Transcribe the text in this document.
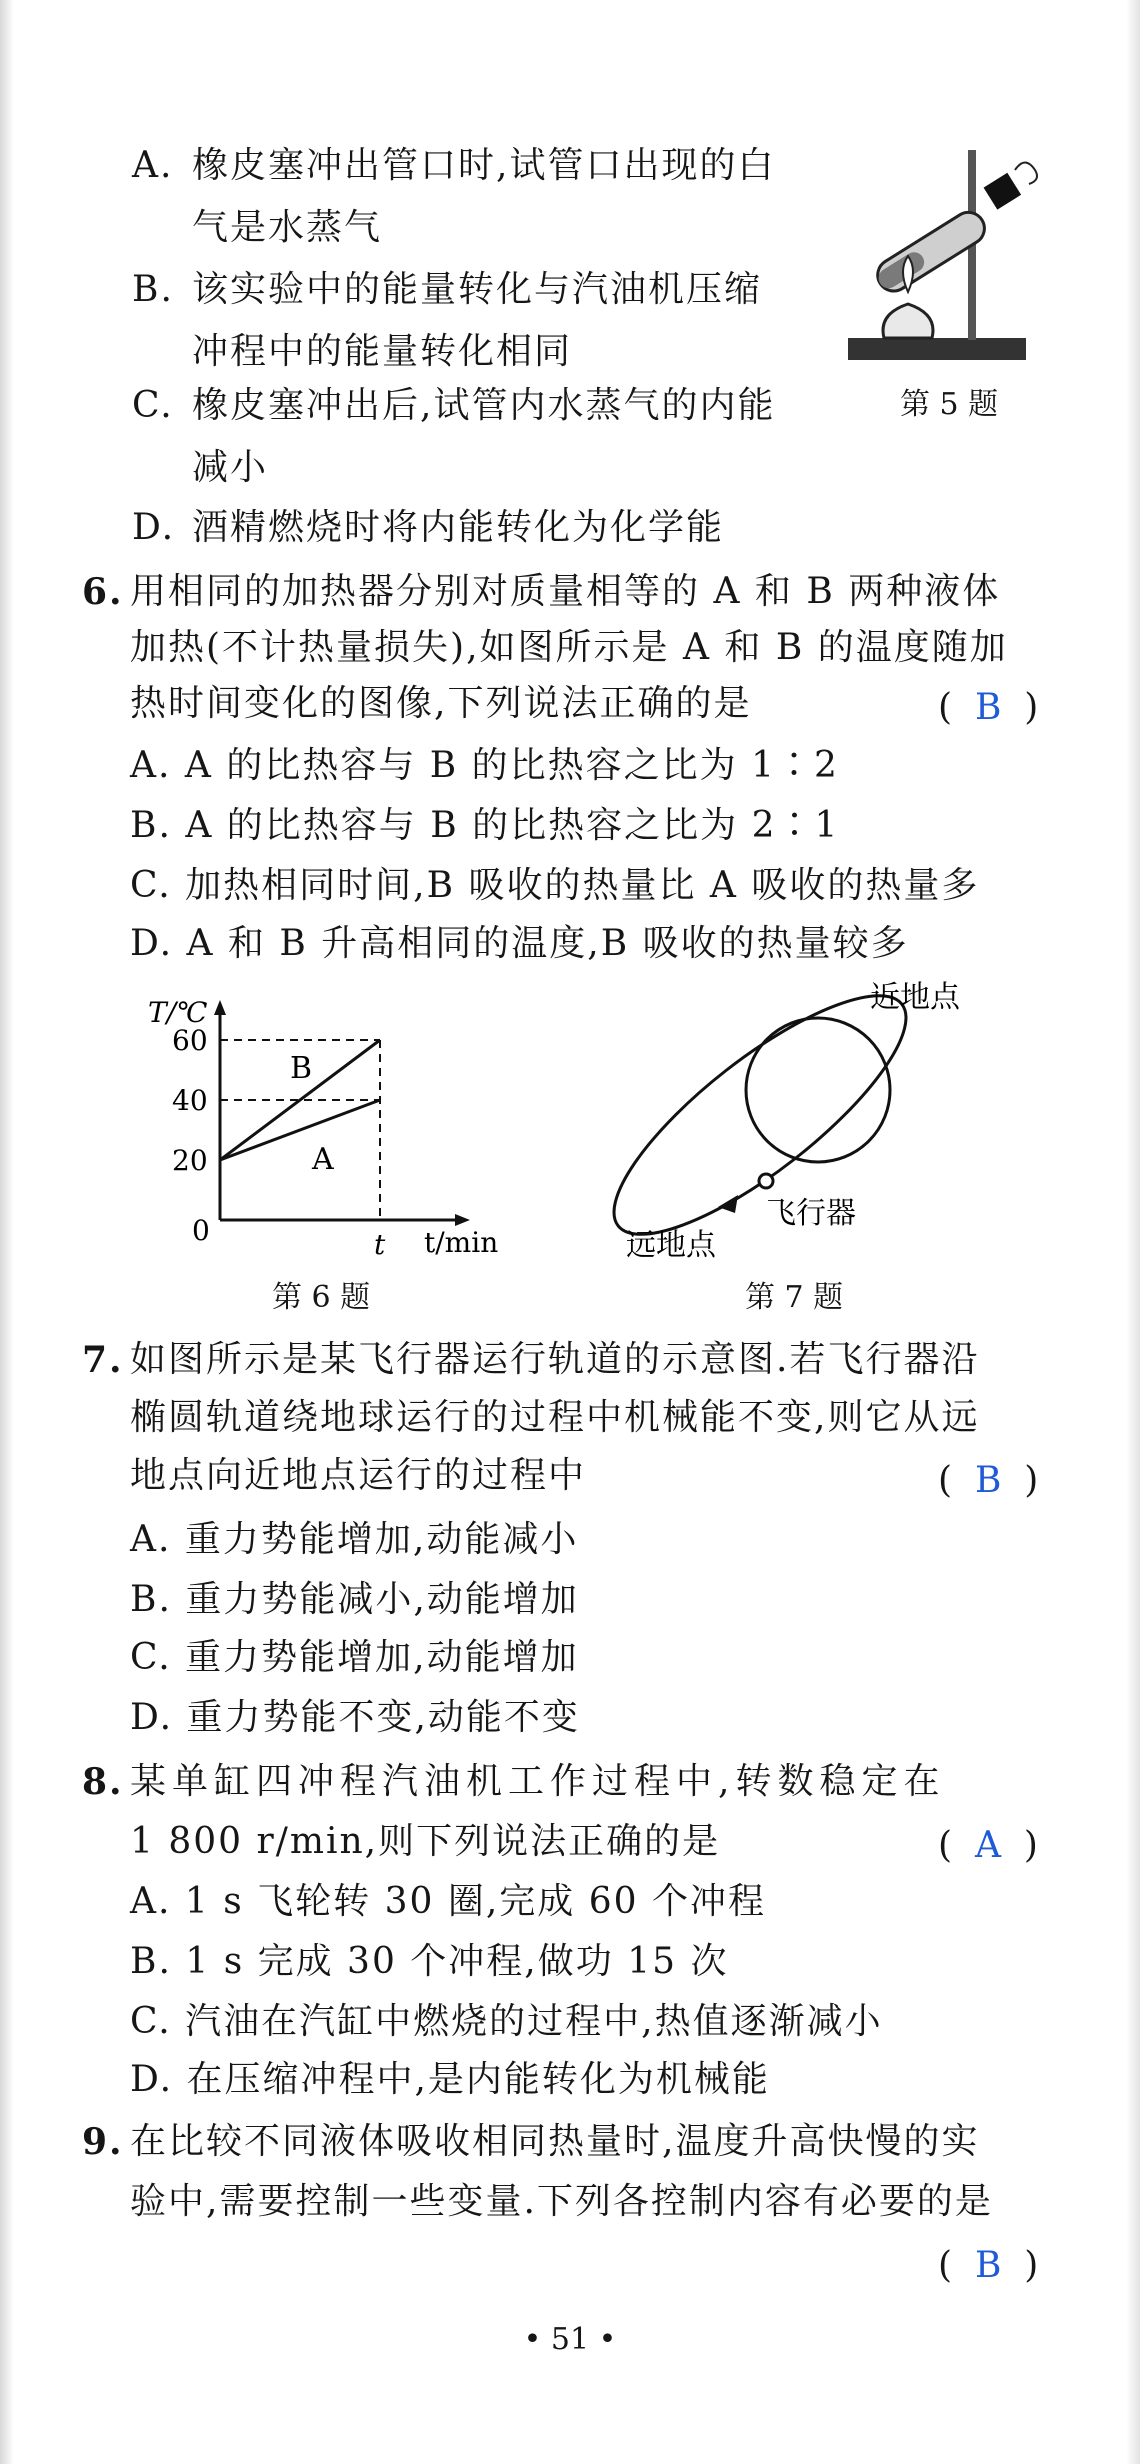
A. 橡皮塞冲出管口时,试管口出现的白
气是水蒸气
B. 该实验中的能量转化与汽油机压缩
冲程中的能量转化相同
C. 橡皮塞冲出后,试管内水蒸气的内能
减小
D. 酒精燃烧时将内能转化为化学能
第 5 题
6. 用相同的加热器分别对质量相等的 A 和 B 两种液体
加热(不计热量损失),如图所示是 A 和 B 的温度随加
热时间变化的图像,下列说法正确的是	(  B  )
A. A 的比热容与 B 的比热容之比为 1∶2
B. A 的比热容与 B 的比热容之比为 2∶1
C. 加热相同时间,B 吸收的热量比 A 吸收的热量多
D. A 和 B 升高相同的温度,B 吸收的热量较多
T/℃
t/min
20
40
60
0	t
B
A
第 6 题
近地点
飞行器
远地点
第 7 题
7. 如图所示是某飞行器运行轨道的示意图.若飞行器沿
椭圆轨道绕地球运行的过程中机械能不变,则它从远
地点向近地点运行的过程中	(  B  )
A. 重力势能增加,动能减小
B. 重力势能减小,动能增加
C. 重力势能增加,动能增加
D. 重力势能不变,动能不变
8. 某单缸四冲程汽油机工作过程中,转数稳定在
1 800 r/min,则下列说法正确的是	(  A  )
A. 1 s 飞轮转 30 圈,完成 60 个冲程
B. 1 s 完成 30 个冲程,做功 15 次
C. 汽油在汽缸中燃烧的过程中,热值逐渐减小
D. 在压缩冲程中,是内能转化为机械能
9. 在比较不同液体吸收相同热量时,温度升高快慢的实
验中,需要控制一些变量.下列各控制内容有必要的是
(  B  )
• 51 •
